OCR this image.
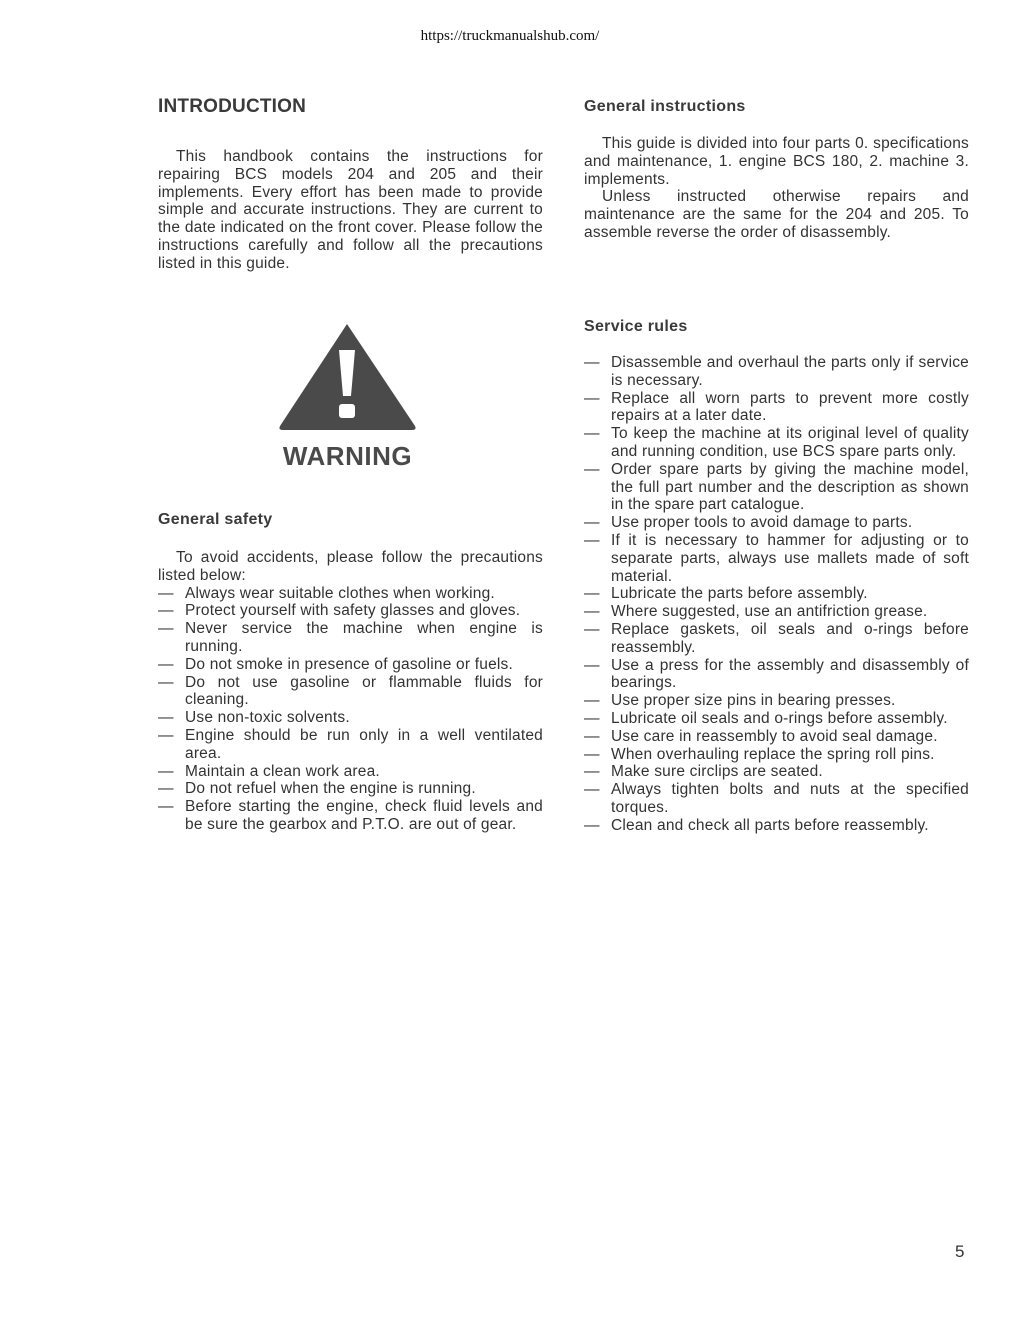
https://truckmanualshub.com/
INTRODUCTION

This handbook contains the instructions for repairing BCS models 204 and 205 and their implements. Every effort has been made to provide simple and accurate instructions. They are current to the date indicated on the front cover. Please follow the instructions carefully and follow all the precautions listed in this guide.

WARNING
General safety

To avoid accidents, please follow the precautions listed below:

— Always wear suitable clothes when working.
— Protect yourself with safety glasses and gloves.
— Never service the machine when engine is running.
— Do not smoke in presence of gasoline or fuels.
— Do not use gasoline or flammable fluids for cleaning.
— Use non-toxic solvents.
— Engine should be run only in a well ventilated area.
— Maintain a clean work area.
— Do not refuel when the engine is running.
— Before starting the engine, check fluid levels and be sure the gearbox and P.T.O. are out of gear.
General instructions

This guide is divided into four parts 0. specifications and maintenance, 1. engine BCS 180, 2. machine 3. implements.

Unless instructed otherwise repairs and maintenance are the same for the 204 and 205. To assemble reverse the order of disassembly.

Service rules
— Disassemble and overhaul the parts only if service is necessary.
— Replace all worn parts to prevent more costly repairs at a later date.
— To keep the machine at its original level of quality and running condition, use BCS spare parts only.
— Order spare parts by giving the machine model, the full part number and the description as shown in the spare part catalogue.
— Use proper tools to avoid damage to parts.
— If it is necessary to hammer for adjusting or to separate parts, always use mallets made of soft material.
— Lubricate the parts before assembly.
— Where suggested, use an antifriction grease.
— Replace gaskets, oil seals and o-rings before reassembly.
— Use a press for the assembly and disassembly of bearings.
— Use proper size pins in bearing presses.
— Lubricate oil seals and o-rings before assembly.
— Use care in reassembly to avoid seal damage.
— When overhauling replace the spring roll pins.
— Make sure circlips are seated.
— Always tighten bolts and nuts at the specified torques.
— Clean and check all parts before reassembly.
5
